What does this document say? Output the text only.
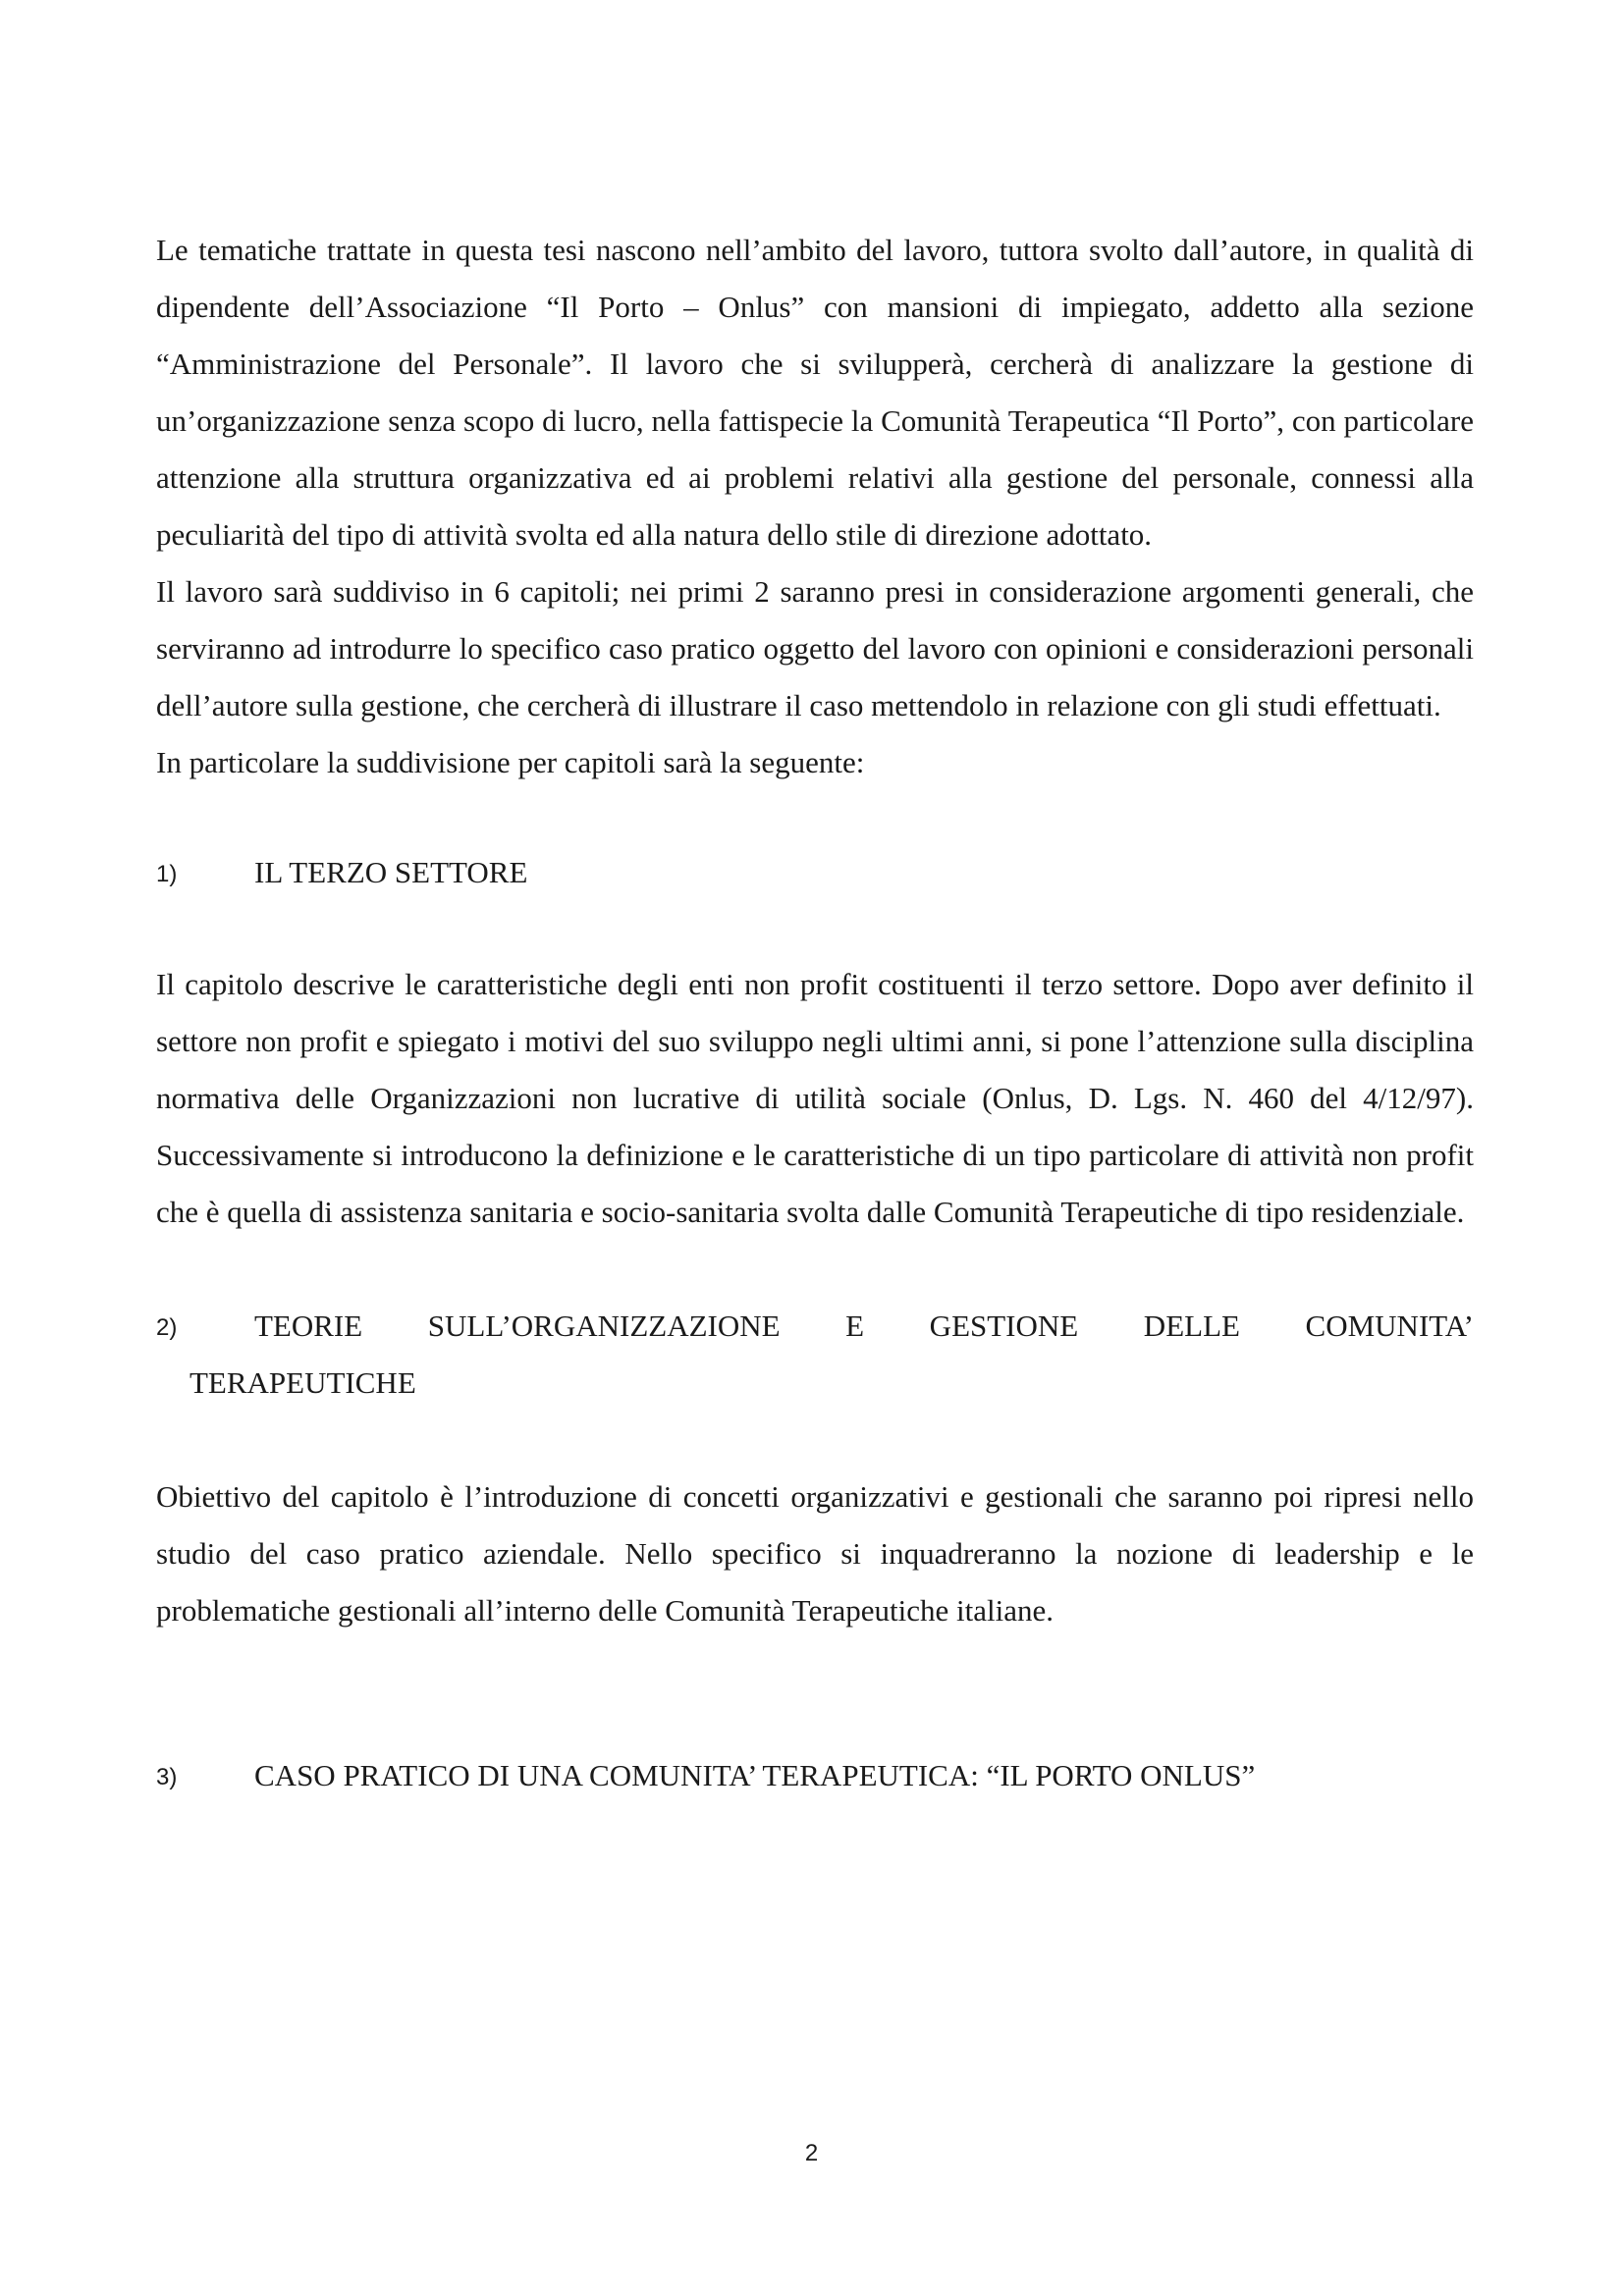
Le tematiche trattate in questa tesi nascono nell’ambito del lavoro, tuttora svolto dall’autore, in qualità di dipendente dell’Associazione “Il Porto – Onlus” con mansioni di impiegato, addetto alla sezione “Amministrazione del Personale”. Il lavoro che si svilupperà, cercherà di analizzare la gestione di un’organizzazione senza scopo di lucro, nella fattispecie la Comunità Terapeutica “Il Porto”, con particolare attenzione alla struttura organizzativa ed ai problemi relativi alla gestione del personale, connessi alla peculiarità del tipo di attività svolta ed alla natura dello stile di direzione adottato.

Il lavoro sarà suddiviso in 6 capitoli; nei primi 2 saranno presi in considerazione argomenti generali, che serviranno ad introdurre lo specifico caso pratico oggetto del lavoro con opinioni e considerazioni personali dell’autore sulla gestione, che cercherà di illustrare il caso mettendolo in relazione con gli studi effettuati.

In particolare la suddivisione per capitoli sarà la seguente:

1)	IL TERZO SETTORE

Il capitolo descrive le caratteristiche degli enti non profit costituenti il terzo settore. Dopo aver definito il settore non profit e spiegato i motivi del suo sviluppo negli ultimi anni, si pone l’attenzione sulla disciplina normativa delle Organizzazioni non lucrative di utilità sociale (Onlus, D. Lgs. N. 460 del 4/12/97). Successivamente si introducono la definizione e le caratteristiche di un tipo particolare di attività non profit che è quella di assistenza sanitaria e socio-sanitaria svolta dalle Comunità Terapeutiche di tipo residenziale.

2)	TEORIE SULL’ORGANIZZAZIONE E GESTIONE DELLE COMUNITA’
TERAPEUTICHE

Obiettivo del capitolo è l’introduzione di concetti organizzativi e gestionali che saranno poi ripresi nello studio del caso pratico aziendale. Nello specifico si inquadreranno la nozione di leadership e le problematiche gestionali all’interno delle Comunità Terapeutiche italiane.

3)	CASO PRATICO DI UNA COMUNITA’ TERAPEUTICA: “IL PORTO ONLUS”
2
